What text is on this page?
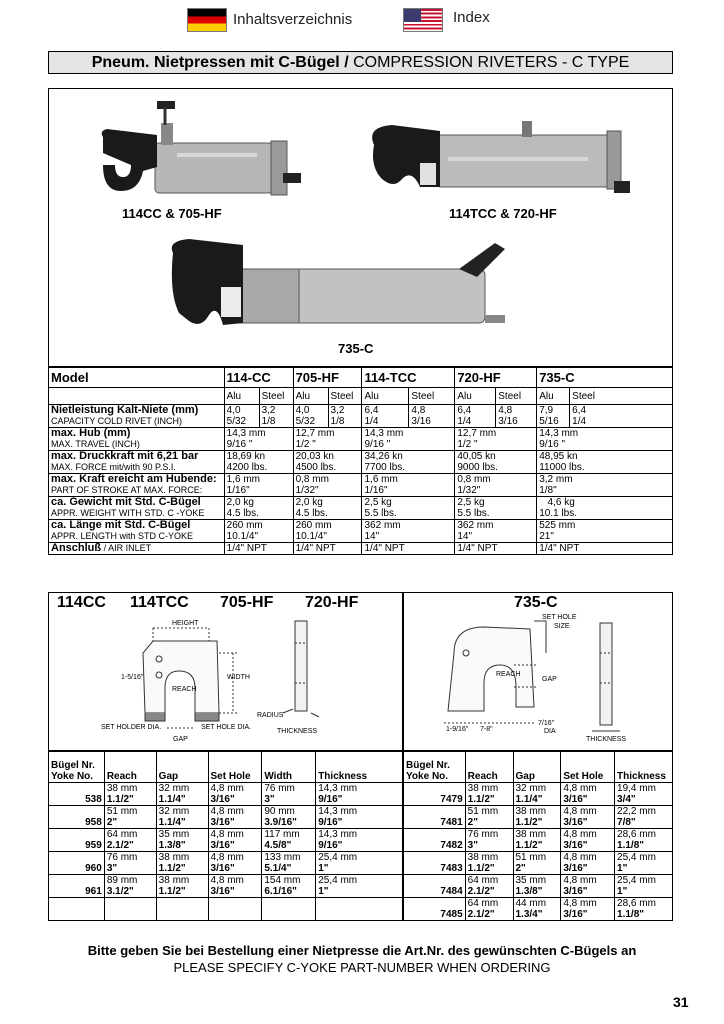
Inhaltsverzeichnis	Index
Pneum. Nietpressen mit C-Bügel / COMPRESSION RIVETERS - C TYPE
114CC & 705-HF	114TCC & 720-HF
735-C
Model	114-CC		705-HF		114-TCC		720-HF		735-C	
	Alu	Steel	Alu	Steel	Alu	Steel	Alu	Steel	Alu	Steel
Nietleistung Kalt-Niete (mm)
CAPACITY COLD RIVET (INCH)	4,0
5/32	3,2
1/8	4,0
5/32	3,2
1/8	6,4
1/4	4,8
3/16	6,4
1/4	4,8
3/16	7,9
5/16	6,4
1/4
max. Hub (mm)
MAX. TRAVEL (INCH)	14,3 mm
9/16 "		12,7 mm
1/2 "		14,3 mm
9/16 "		12,7 mm
1/2 "		14,3 mm
9/16 "	
max. Druckkraft mit 6,21 bar
MAX. FORCE mit/with 90 P.S.I.	18,69 kn
4200 lbs.		20,03 kn
4500 lbs.		34,26 kn
7700 lbs.		40,05 kn
9000 lbs.		48,95 kn
11000 lbs.	
max. Kraft ereicht am Hubende:
PART OF STROKE AT MAX. FORCE:	1,6 mm
1/16"		0,8 mm
1/32"		1,6 mm
1/16"		0,8 mm
1/32"		3,2 mm
1/8"	
ca. Gewicht mit Std. C-Bügel
APPR. WEIGHT WITH STD. C -YOKE	2,0 kg
4.5 lbs.		2,0 kg
4.5 lbs.		2,5 kg
5.5 lbs.		2,5 kg
5.5 lbs.		4,6 kg
10.1 lbs.	
ca. Länge mit Std. C-Bügel
APPR. LENGTH with STD C-YOKE	260 mm
10.1/4"		260 mm
10.1/4"		362 mm
14"		362 mm
14"		525 mm
21"	
Anschluß / AIR INLET	1/4" NPT		1/4" NPT		1/4" NPT		1/4" NPT		1/4" NPT	
114CC 114TCC 705-HF 720-HF
HEIGHT
1-5/16"
REACH
WIDTH
SET HOLDER DIA.	SET HOLE DIA.
GAP
RADIUS
THICKNESS
735-C
SET HOLE
SIZE
GAP
REACH
1-9/16" 7-8"
7/16"
DIA
THICKNESS
Bügel Nr.
Yoke No.	Reach	Gap	Set Hole	Width	Thickness
538	38 mm
1.1/2"	32 mm
1.1/4"	4,8 mm
3/16"	76 mm
3"	14,3 mm
9/16"
958	51 mm
2"	32 mm
1.1/4"	4,8 mm
3/16"	90 mm
3.9/16"	14,3 mm
9/16"
959	64 mm
2.1/2"	35 mm
1.3/8"	4,8 mm
3/16"	117 mm
4.5/8"	14,3 mm
9/16"
960	76 mm
3"	38 mm
1.1/2"	4,8 mm
3/16"	133 mm
5.1/4"	25,4 mm
1"
961	89 mm
3.1/2"	38 mm
1.1/2"	4,8 mm
3/16"	154 mm
6.1/16"	25,4 mm
1"

Bügel Nr.
Yoke No.	Reach	Gap	Set Hole	Thickness
7479	38 mm
1.1/2"	32 mm
1.1/4"	4,8 mm
3/16"	19,4 mm
3/4"
7481	51 mm
2"	38 mm
1.1/2"	4,8 mm
3/16"	22,2 mm
7/8"
7482	76 mm
3"	38 mm
1.1/2"	4,8 mm
3/16"	28,6 mm
1.1/8"
7483	38 mm
1.1/2"	51 mm
2"	4,8 mm
3/16"	25,4 mm
1"
7484	64 mm
2.1/2"	35 mm
1.3/8"	4,8 mm
3/16"	25,4 mm
1"
7485	64 mm
2.1/2"	44 mm
1.3/4"	4,8 mm
3/16"	28,6 mm
1.1/8"
Bitte geben Sie bei Bestellung einer Nietpresse die Art.Nr. des gewünschten C-Bügels an
PLEASE SPECIFY C-YOKE PART-NUMBER WHEN ORDERING
31
